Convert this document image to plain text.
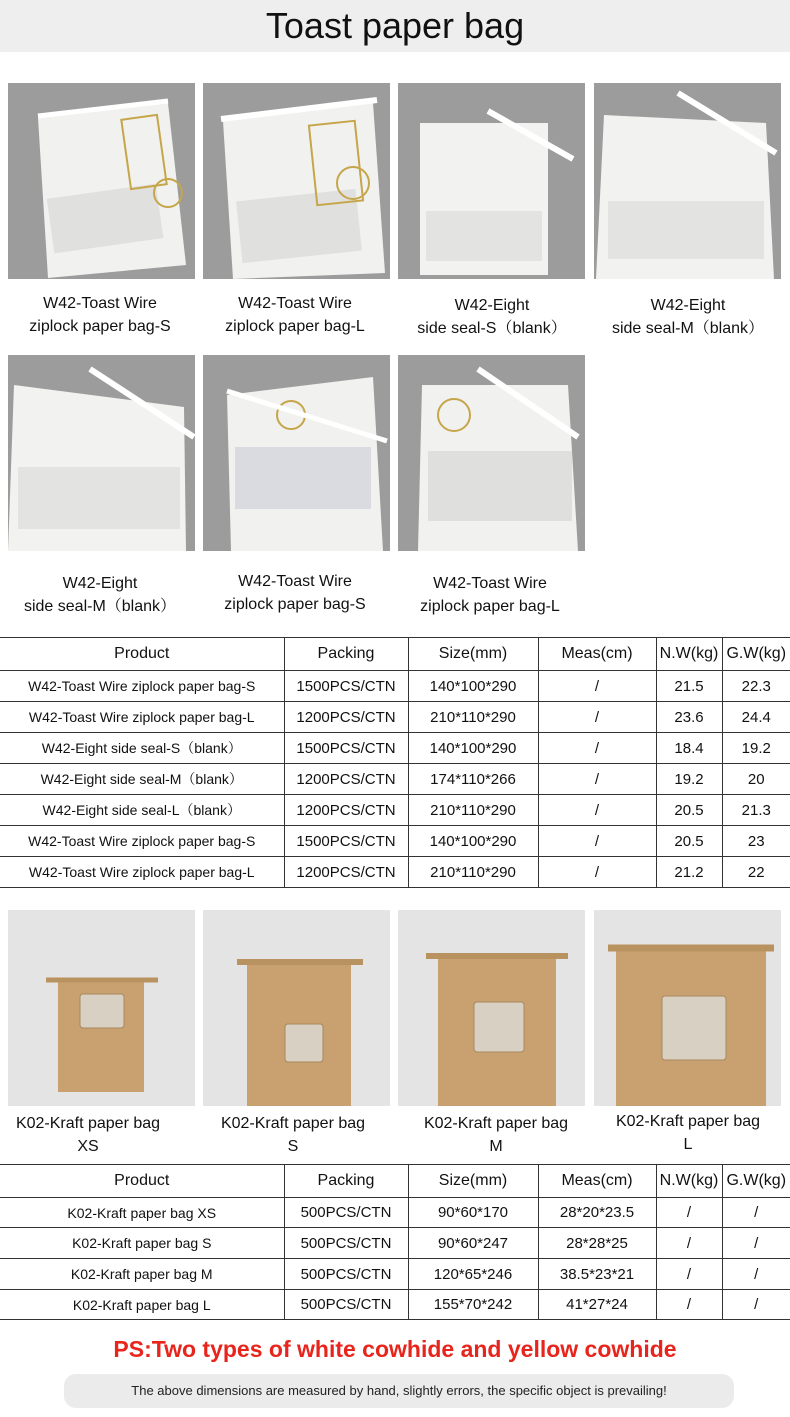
Toast paper bag
W42-Toast Wire
ziplock paper bag-S
W42-Toast Wire
ziplock paper bag-L
W42-Eight
side seal-S（blank）
W42-Eight
side seal-M（blank）
W42-Eight
side seal-M（blank）
W42-Toast Wire
ziplock paper bag-S
W42-Toast Wire
ziplock paper bag-L
Product	Packing	Size(mm)	Meas(cm)	N.W(kg)	G.W(kg)
W42-Toast Wire ziplock paper bag-S	1500PCS/CTN	140*100*290	/	21.5	22.3
W42-Toast Wire ziplock paper bag-L	1200PCS/CTN	210*110*290	/	23.6	24.4
W42-Eight side seal-S（blank）	1500PCS/CTN	140*100*290	/	18.4	19.2
W42-Eight side seal-M（blank）	1200PCS/CTN	174*110*266	/	19.2	20
W42-Eight side seal-L（blank）	1200PCS/CTN	210*110*290	/	20.5	21.3
W42-Toast Wire ziplock paper bag-S	1500PCS/CTN	140*100*290	/	20.5	23
W42-Toast Wire ziplock paper bag-L	1200PCS/CTN	210*110*290	/	21.2	22
K02-Kraft paper bag
XS
K02-Kraft paper bag
S
K02-Kraft paper bag
M
K02-Kraft paper bag
L
Product	Packing	Size(mm)	Meas(cm)	N.W(kg)	G.W(kg)
K02-Kraft paper bag XS	500PCS/CTN	90*60*170	28*20*23.5	/	/
K02-Kraft paper bag S	500PCS/CTN	90*60*247	28*28*25	/	/
K02-Kraft paper bag M	500PCS/CTN	120*65*246	38.5*23*21	/	/
K02-Kraft paper bag L	500PCS/CTN	155*70*242	41*27*24	/	/
PS:Two types of white cowhide and yellow cowhide
The above dimensions are measured by hand, slightly errors, the specific object is prevailing!
